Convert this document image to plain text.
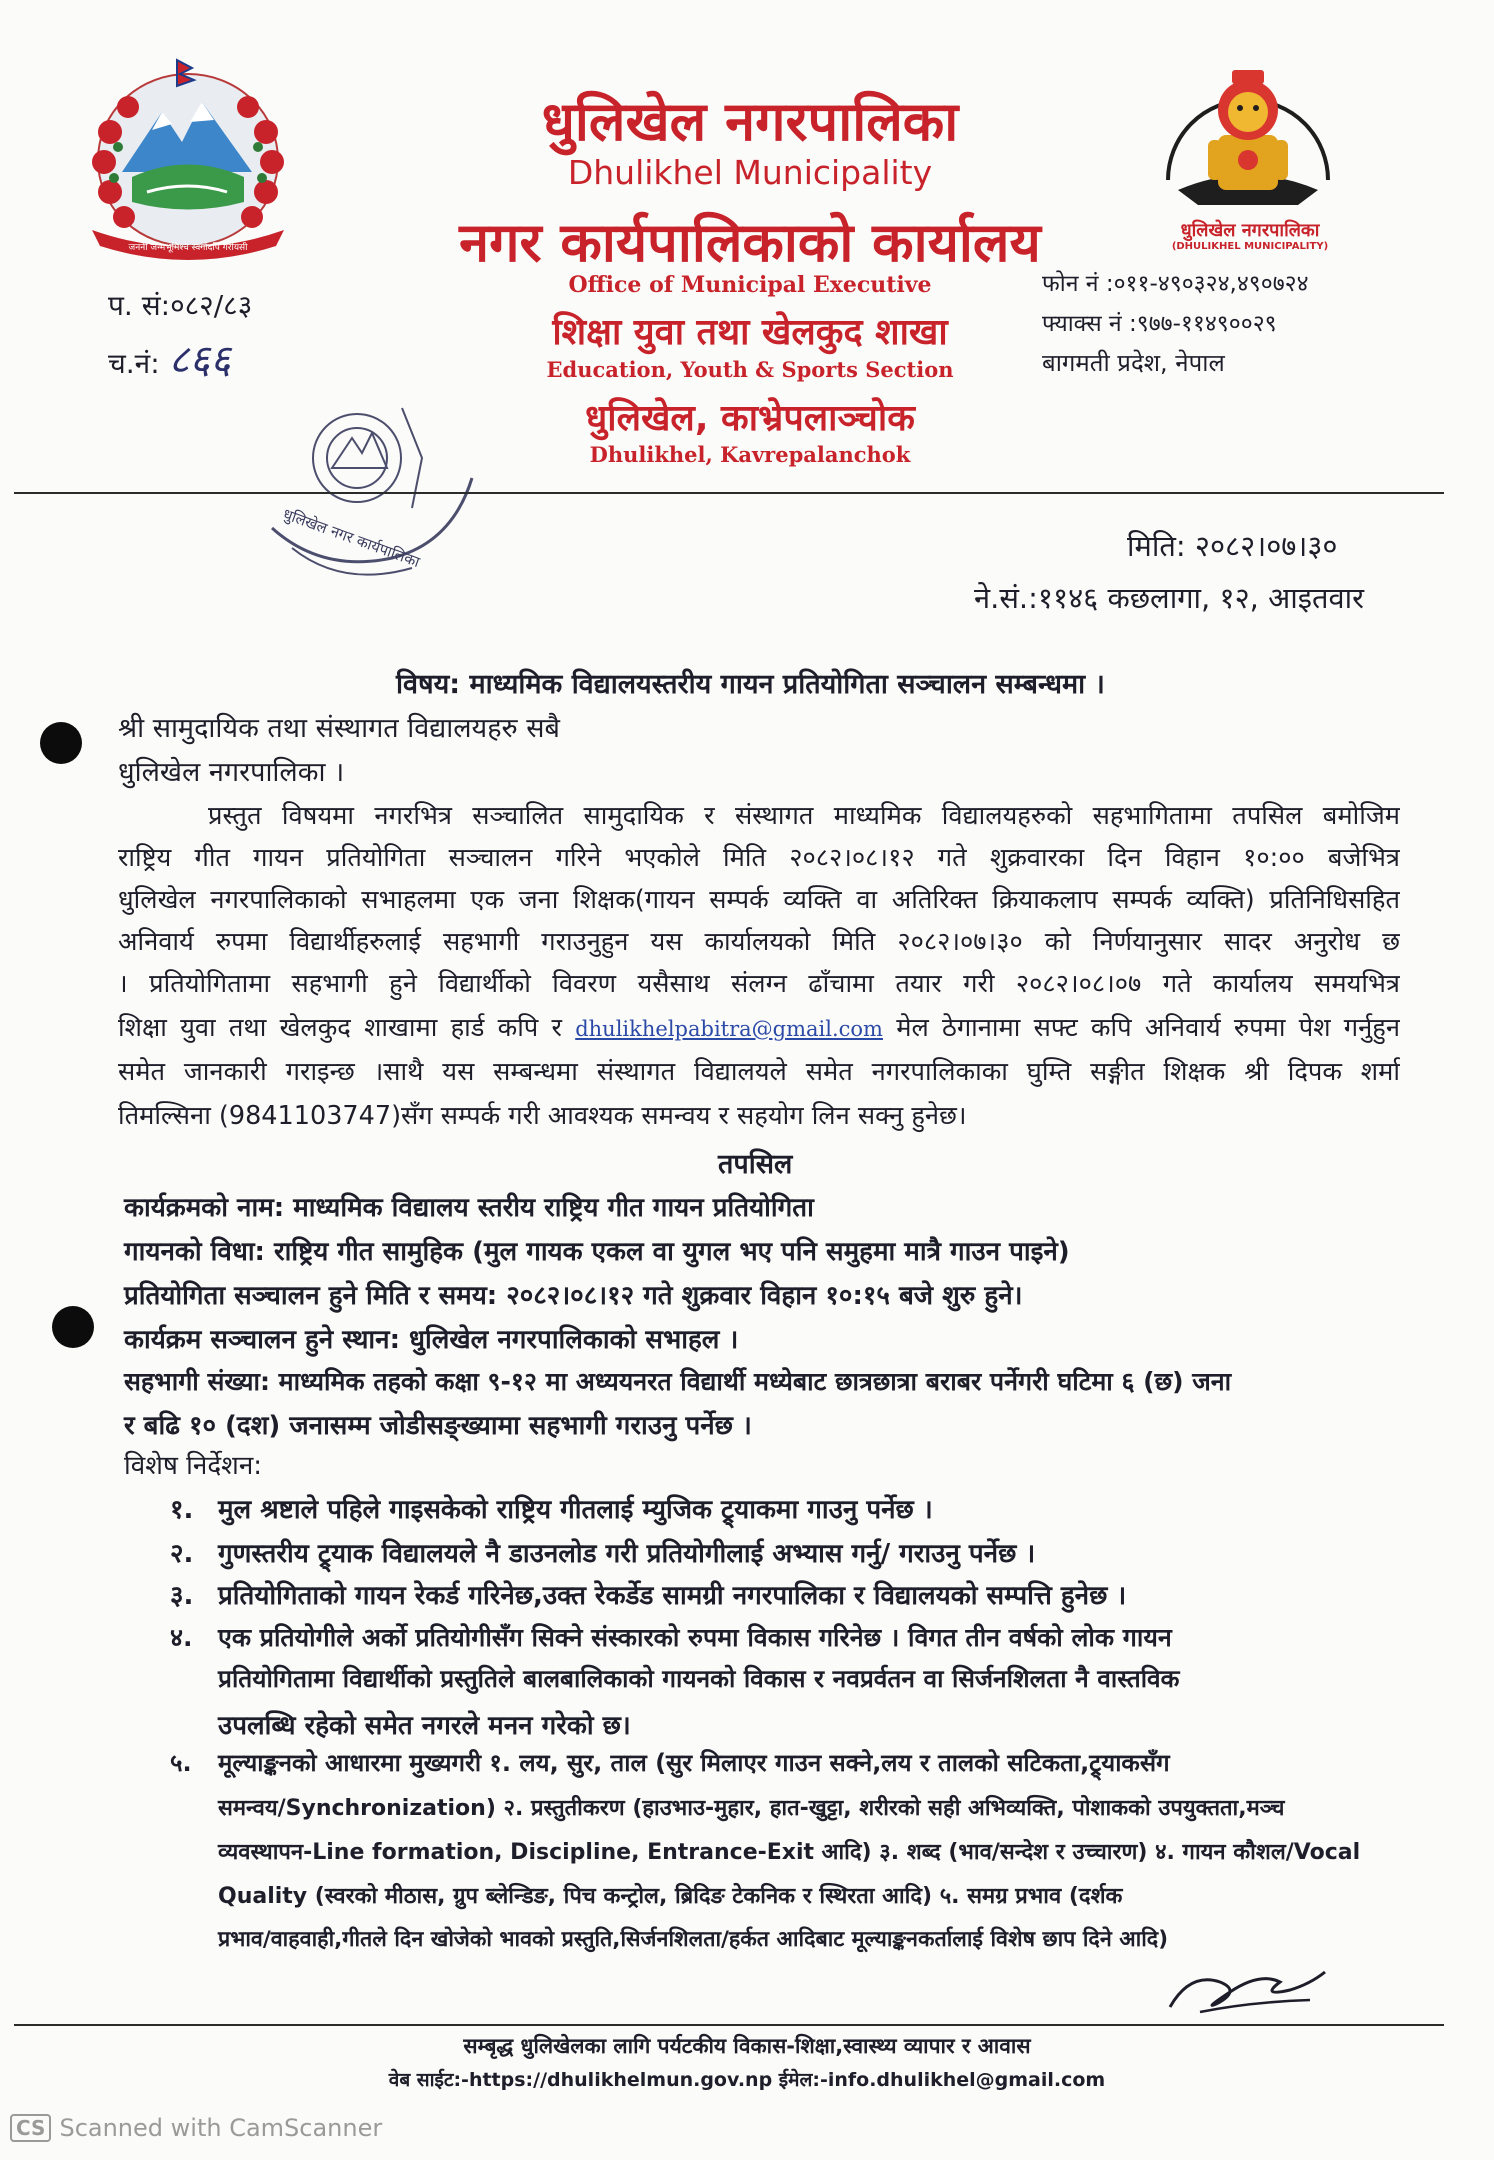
जननी जन्मभूमिश्च स्वर्गादपि गरीयसी
धुलिखेल नगरपालिका
Dhulikhel Municipality
नगर कार्यपालिकाको कार्यालय
Office of Municipal Executive
शिक्षा युवा तथा खेलकुद शाखा
Education, Youth & Sports Section
धुलिखेल, काभ्रेपलाञ्चोक
Dhulikhel, Kavrepalanchok
धुलिखेल नगरपालिका
(DHULIKHEL MUNICIPALITY)
प. सं:०८२/८३
च.नं: ८६६
फोन नं :०११-४९०३२४,४९०७२४
फ्याक्स नं :९७७-११४९००२९
बागमती प्रदेश, नेपाल
धुलिखेल नगर कार्यपालिका	मिति: २०८२।०७।३०
ने.सं.:११४६ कछलागा, १२, आइतवार
विषय: माध्यमिक विद्यालयस्तरीय गायन प्रतियोगिता सञ्चालन सम्बन्धमा ।
श्री सामुदायिक तथा संस्थागत विद्यालयहरु सबै
धुलिखेल नगरपालिका ।
प्रस्तुत विषयमा नगरभित्र सञ्चालित सामुदायिक र संस्थागत माध्यमिक विद्यालयहरुको सहभागितामा तपसिल बमोजिम
राष्ट्रिय गीत गायन प्रतियोगिता सञ्चालन गरिने भएकोले मिति २०८२।०८।१२ गते शुक्रवारका दिन विहान १०:०० बजेभित्र
धुलिखेल नगरपालिकाको सभाहलमा एक जना शिक्षक(गायन सम्पर्क व्यक्ति वा अतिरिक्त क्रियाकलाप सम्पर्क व्यक्ति) प्रतिनिधिसहित
अनिवार्य रुपमा विद्यार्थीहरुलाई सहभागी गराउनुहुन यस कार्यालयको मिति २०८२।०७।३० को निर्णयानुसार सादर अनुरोध छ
। प्रतियोगितामा सहभागी हुने विद्यार्थीको विवरण यसैसाथ संलग्न ढाँचामा तयार गरी २०८२।०८।०७ गते कार्यालय समयभित्र
शिक्षा युवा तथा खेलकुद शाखामा हार्ड कपि र dhulikhelpabitra@gmail.com मेल ठेगानामा सफ्ट कपि अनिवार्य रुपमा पेश गर्नुहुन
समेत जानकारी गराइन्छ ।साथै यस सम्बन्धमा संस्थागत विद्यालयले समेत नगरपालिकाका घुम्ति सङ्गीत शिक्षक श्री दिपक शर्मा
तिमल्सिना (9841103747)सँग सम्पर्क गरी आवश्यक समन्वय र सहयोग लिन सक्नु हुनेछ।
तपसिल
कार्यक्रमको नाम: माध्यमिक विद्यालय स्तरीय राष्ट्रिय गीत गायन प्रतियोगिता
गायनको विधा: राष्ट्रिय गीत सामुहिक (मुल गायक एकल वा युगल भए पनि समुहमा मात्रै गाउन पाइने)
प्रतियोगिता सञ्चालन हुने मिति र समय: २०८२।०८।१२ गते शुक्रवार विहान १०:१५ बजे शुरु हुने।
कार्यक्रम सञ्चालन हुने स्थान: धुलिखेल नगरपालिकाको सभाहल ।
सहभागी संख्या: माध्यमिक तहको कक्षा ९-१२ मा अध्ययनरत विद्यार्थी मध्येबाट छात्रछात्रा बराबर पर्नेगरी घटिमा ६ (छ) जना
र बढि १० (दश) जनासम्म जोडीसङ्ख्यामा सहभागी गराउनु पर्नेछ ।
विशेष निर्देशन:
१. मुल श्रष्टाले पहिले गाइसकेको राष्ट्रिय गीतलाई म्युजिक ट्र्याकमा गाउनु पर्नेछ ।
२. गुणस्तरीय ट्र्याक विद्यालयले नै डाउनलोड गरी प्रतियोगीलाई अभ्यास गर्नु/ गराउनु पर्नेछ ।
३. प्रतियोगिताको गायन रेकर्ड गरिनेछ,उक्त रेकर्डेड सामग्री नगरपालिका र विद्यालयको सम्पत्ति हुनेछ ।
४. एक प्रतियोगीले अर्को प्रतियोगीसँग सिक्ने संस्कारको रुपमा विकास गरिनेछ । विगत तीन वर्षको लोक गायन
प्रतियोगितामा विद्यार्थीको प्रस्तुतिले बालबालिकाको गायनको विकास र नवप्रर्वतन वा सिर्जनशिलता नै वास्तविक
उपलब्धि रहेको समेत नगरले मनन गरेको छ।
५. मूल्याङ्कनको आधारमा मुख्यगरी १. लय, सुर, ताल (सुर मिलाएर गाउन सक्ने,लय र तालको सटिकता,ट्र्याकसँग
समन्वय/Synchronization) २. प्रस्तुतीकरण (हाउभाउ-मुहार, हात-खुट्टा, शरीरको सही अभिव्यक्ति, पोशाकको उपयुक्तता,मञ्च
व्यवस्थापन-Line formation, Discipline, Entrance-Exit आदि) ३. शब्द (भाव/सन्देश र उच्चारण) ४. गायन कौशल/Vocal
Quality (स्वरको मीठास, ग्रुप ब्लेन्डिङ, पिच कन्ट्रोल, ब्रिदिङ टेकनिक र स्थिरता आदि) ५. समग्र प्रभाव (दर्शक
प्रभाव/वाहवाही,गीतले दिन खोजेको भावको प्रस्तुति,सिर्जनशिलता/हर्कत आदिबाट मूल्याङ्कनकर्तालाई विशेष छाप दिने आदि)
सम्बृद्ध धुलिखेलका लागि पर्यटकीय विकास-शिक्षा,स्वास्थ्य व्यापार र आवास
वेब साईट:-https://dhulikhelmun.gov.np ईमेल:-info.dhulikhel@gmail.com
CS Scanned with CamScanner
